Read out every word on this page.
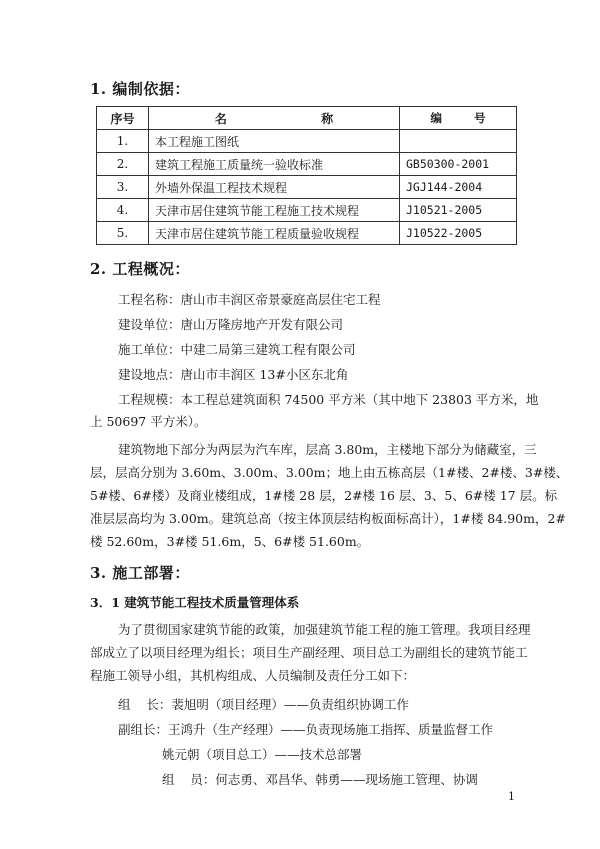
1. 编制依据：
序号	名 称	编 号
1.	本工程施工图纸	
2.	建筑工程施工质量统一验收标准	GB50300-2001
3.	外墙外保温工程技术规程	JGJ144-2004
4.	天津市居住建筑节能工程施工技术规程	J10521-2005
5.	天津市居住建筑节能工程质量验收规程	J10522-2005
2. 工程概况：
工程名称：唐山市丰润区帝景豪庭高层住宅工程
建设单位：唐山万隆房地产开发有限公司
施工单位：中建二局第三建筑工程有限公司
建设地点：唐山市丰润区 13#小区东北角
工程规模：本工程总建筑面积 74500 平方米（其中地下 23803 平方米，地
上 50697 平方米）。
建筑物地下部分为两层为汽车库，层高 3.80m，主楼地下部分为储藏室，三
层，层高分别为 3.60m、3.00m、3.00m；地上由五栋高层（1#楼、2#楼、3#楼、
5#楼、6#楼）及商业楼组成，1#楼 28 层，2#楼 16 层、3、5、6#楼 17 层。标
准层层高均为 3.00m。建筑总高（按主体顶层结构板面标高计），1#楼 84.90m，2#
楼 52.60m，3#楼 51.6m，5、6#楼 51.60m。
3. 施工部署：
3．1 建筑节能工程技术质量管理体系
为了贯彻国家建筑节能的政策，加强建筑节能工程的施工管理。我项目经理
部成立了以项目经理为组长；项目生产副经理、项目总工为副组长的建筑节能工
程施工领导小组，其机构组成、人员编制及责任分工如下：
组    长：裴旭明（项目经理）——负责组织协调工作
副组长：王鸿升（生产经理）——负责现场施工指挥、质量监督工作
姚元朝（项目总工）——技术总部署
组    员：何志勇、邓昌华、韩勇——现场施工管理、协调
1
